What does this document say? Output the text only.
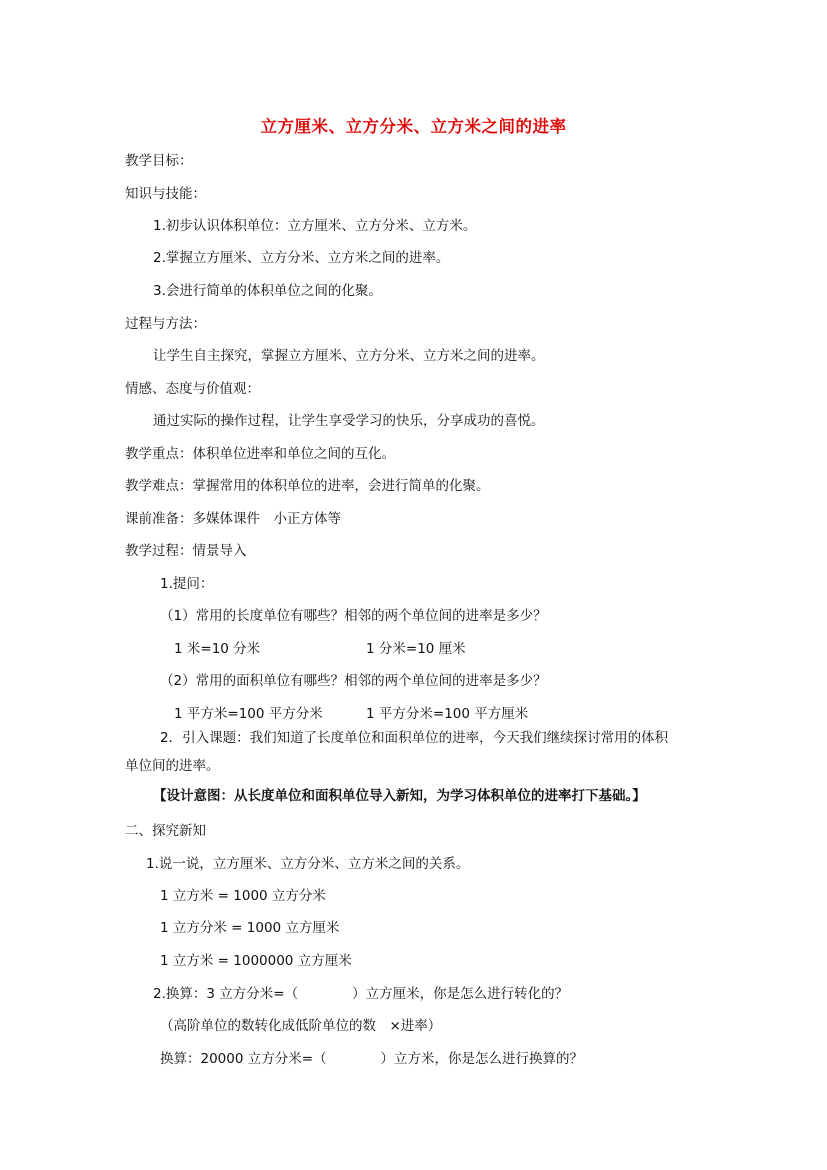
立方厘米、立方分米、立方米之间的进率
教学目标：
知识与技能：
1.初步认识体积单位：立方厘米、立方分米、立方米。
2.掌握立方厘米、立方分米、立方米之间的进率。
3.会进行简单的体积单位之间的化聚。
过程与方法：
让学生自主探究，掌握立方厘米、立方分米、立方米之间的进率。
情感、态度与价值观：
通过实际的操作过程，让学生享受学习的快乐，分享成功的喜悦。
教学重点：体积单位进率和单位之间的互化。
教学难点：掌握常用的体积单位的进率，会进行简单的化聚。
课前准备：多媒体课件　小正方体等
教学过程：情景导入
1.提问：
（1）常用的长度单位有哪些？相邻的两个单位间的进率是多少？
1 米=10 分米	1 分米=10 厘米
（2）常用的面积单位有哪些？相邻的两个单位间的进率是多少？
1 平方米=100 平方分米	1 平方分米=100 平方厘米
2．引入课题：我们知道了长度单位和面积单位的进率，今天我们继续探讨常用的体积
单位间的进率。
【设计意图：从长度单位和面积单位导入新知，为学习体积单位的进率打下基础。】
二、探究新知
1.说一说，立方厘米、立方分米、立方米之间的关系。
1 立方米 = 1000 立方分米
1 立方分米 = 1000 立方厘米
1 立方米 = 1000000 立方厘米
2.换算：3 立方分米=（　　　　）立方厘米，你是怎么进行转化的？
（高阶单位的数转化成低阶单位的数　×进率）
换算：20000 立方分米=（　　　　）立方米，你是怎么进行换算的？
